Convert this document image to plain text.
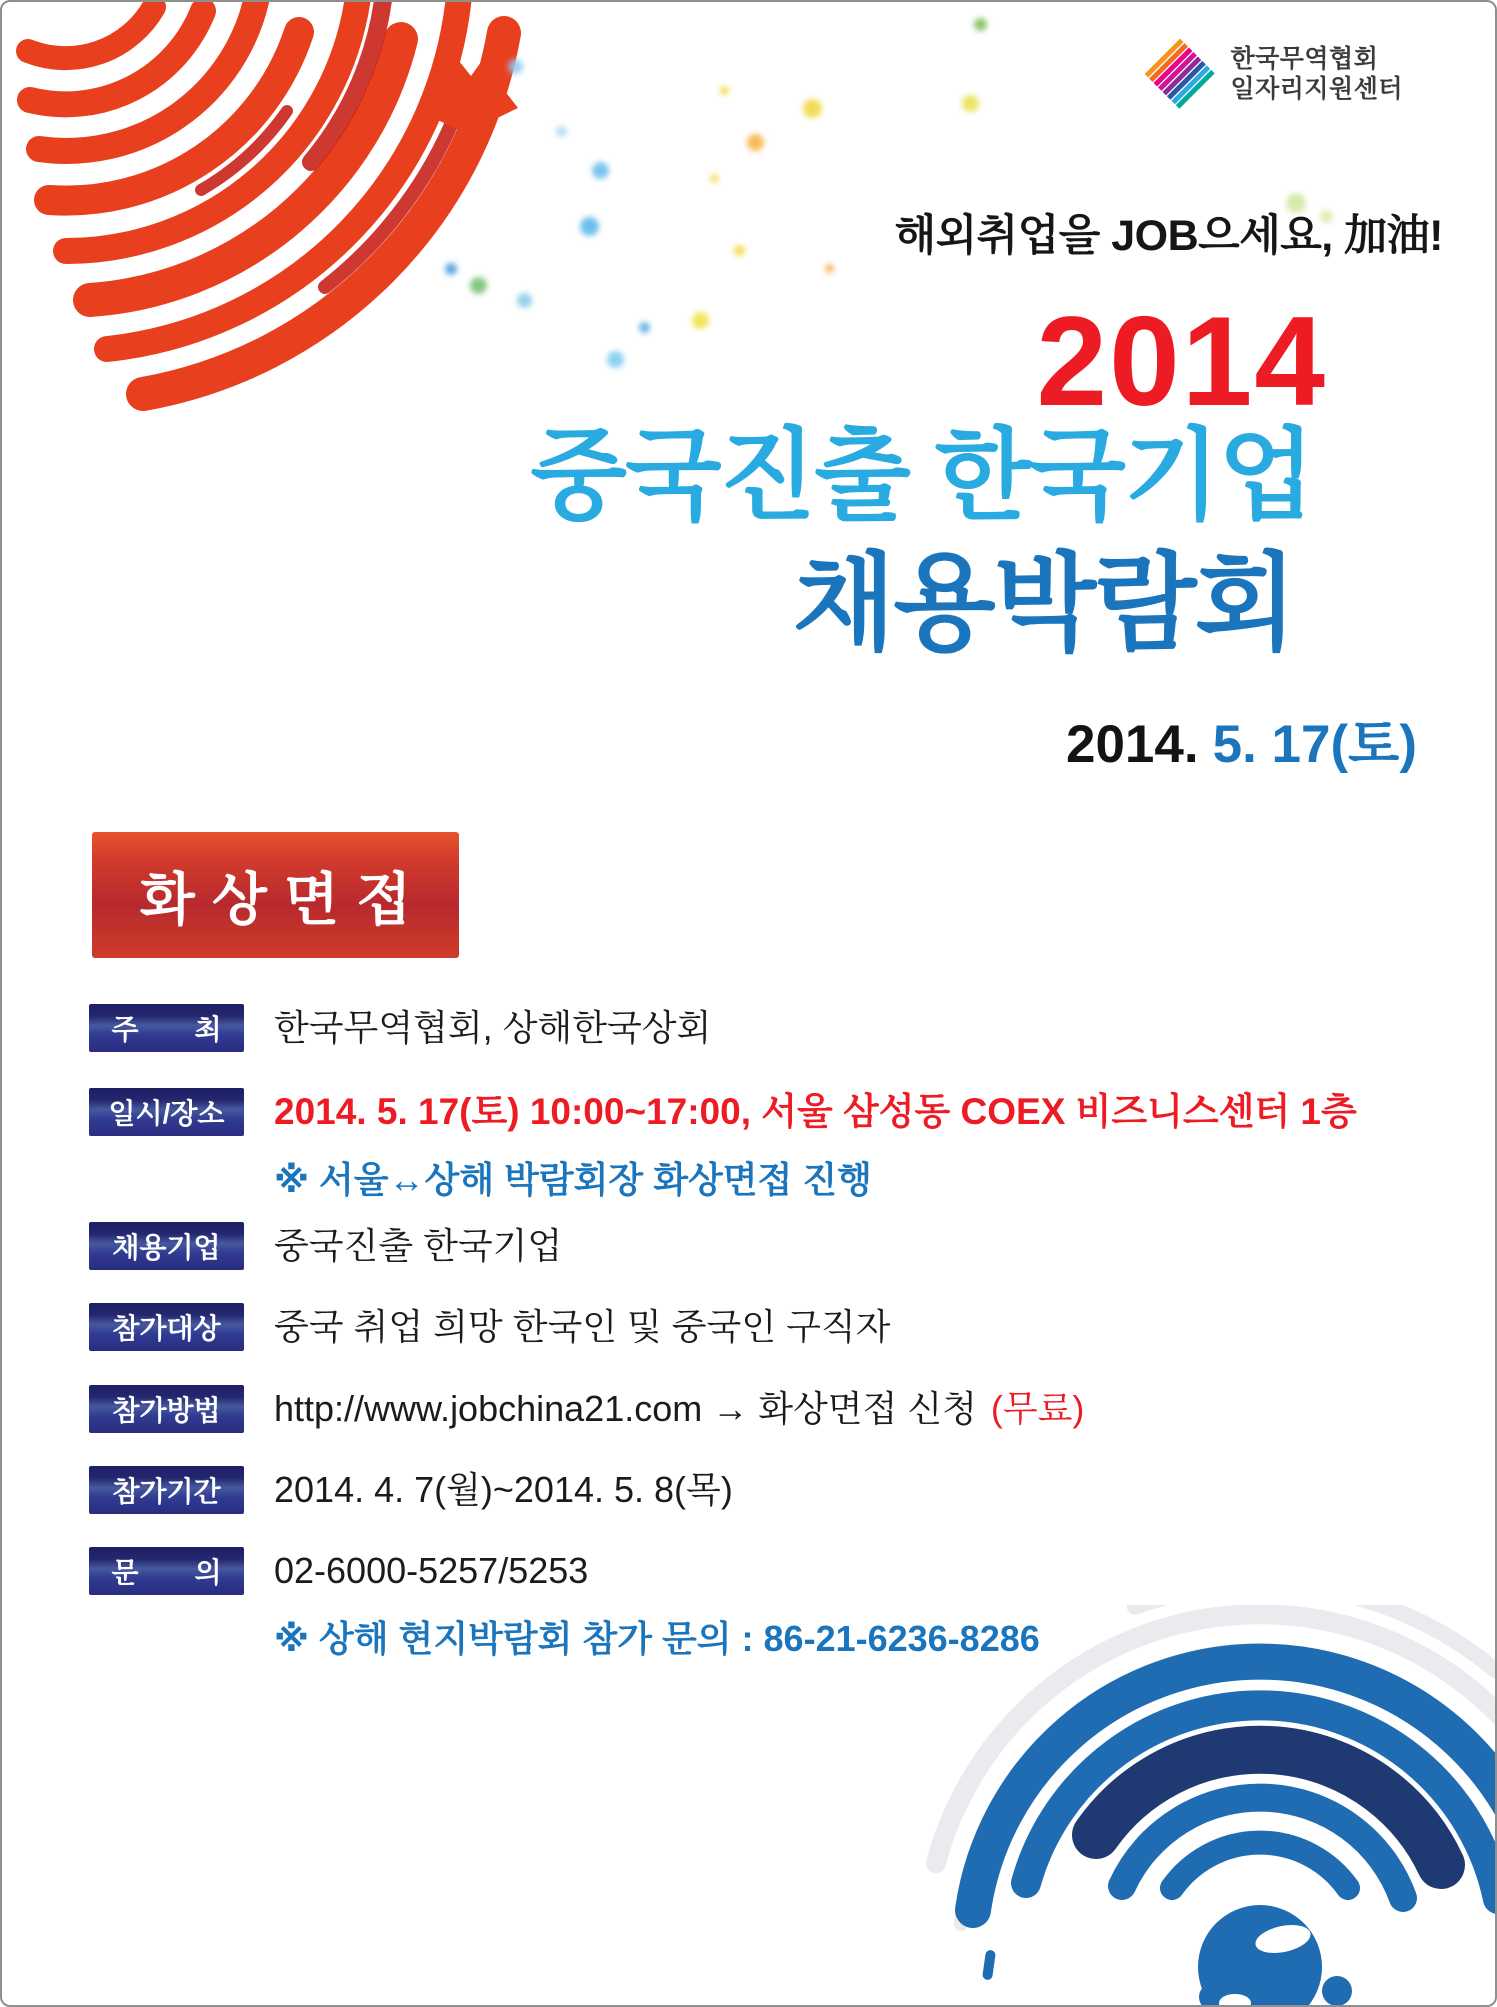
한국무역협회
일자리지원센터
해외취업을 JOB으세요, 加油!
2014
중국진출 한국기업
채용박람회
2014. 5. 17(토)
화상면접
주　　최	한국무역협회, 상해한국상회
일시/장소	2014. 5. 17(토) 10:00~17:00, 서울 삼성동 COEX 비즈니스센터 1층
※ 서울↔상해 박람회장 화상면접 진행
채용기업	중국진출 한국기업
참가대상	중국 취업 희망 한국인 및 중국인 구직자
참가방법	http://www.jobchina21.com → 화상면접 신청 (무료)
참가기간	2014. 4. 7(월)~2014. 5. 8(목)
문　　의	02-6000-5257/5253
※ 상해 현지박람회 참가 문의 : 86-21-6236-8286
